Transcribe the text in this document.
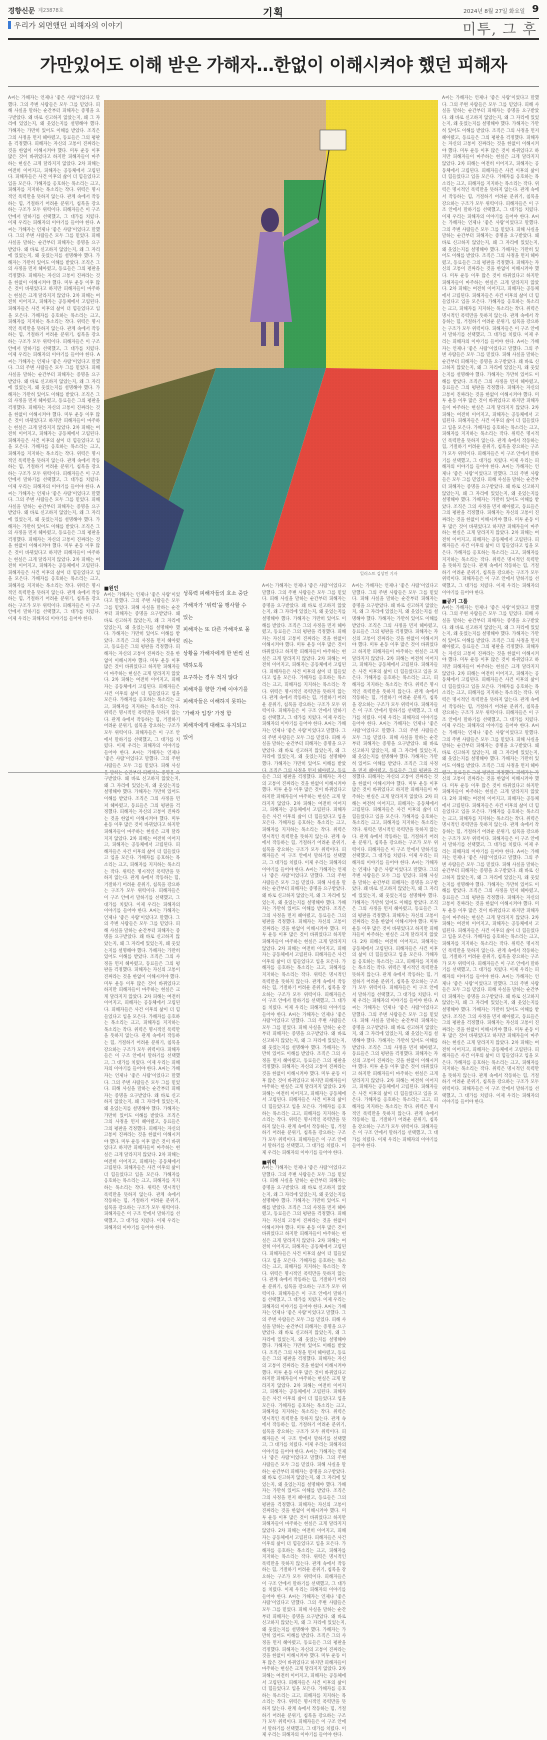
경향신문 제23878호	기획	2024년 8월 27일 화요일 9
우리가 외면했던 피해자의 이야기	미투, 그 후
가만있어도 이해 받은 가해자…한없이 이해시켜야 했던 피해자

A씨는 가해자는 언제나 ‘좋은 사람’이었다고 말했다. 그의 주변 사람들은 모두 그를 믿었다. 피해 사실을 말하는 순간부터 피해자는 증명을 요구받았다. 왜 바로 신고하지 않았는지, 왜 그 자리에 있었는지, 왜 웃었는지를 설명해야 했다. 가해자는 가만히 있어도 이해를 받았다. 조직은 그의 사정을 먼저 헤아렸고, 동료들은 그의 평판을 걱정했다. 피해자는 자신의 고통이 진짜라는 것을 한없이 이해시켜야 했다. 미투 운동 이후 많은 것이 바뀌었다고 하지만 피해자들이 마주하는 현실은 크게 달라지지 않았다. 2차 피해는 여전히 이어지고, 피해자는 공동체에서 고립된다. 피해자들은 사건 이후의 삶이 더 힘들었다고 입을 모은다. 가해자를 옹호하는 목소리는 크고, 피해자를 지지하는 목소리는 작다. 위력은 명시적인 폭력만을 뜻하지 않는다. 관계 속에서 작동하는 힘, 거절하기 어려운 분위기, 침묵을 강요하는 구조가 모두 위력이다. 피해자들은 이 구조 안에서 말하기를 선택했고, 그 대가를 치렀다. 이제 우리는 피해자의 이야기를 들어야 한다. A씨는 가해자는 언제나 ‘좋은 사람’이었다고 말했다. 그의 주변 사람들은 모두 그를 믿었다. 피해 사실을 말하는 순간부터 피해자는 증명을 요구받았다. 왜 바로 신고하지 않았는지, 왜 그 자리에 있었는지, 왜 웃었는지를 설명해야 했다. 가해자는 가만히 있어도 이해를 받았다. 조직은 그의 사정을 먼저 헤아렸고, 동료들은 그의 평판을 걱정했다. 피해자는 자신의 고통이 진짜라는 것을 한없이 이해시켜야 했다. 미투 운동 이후 많은 것이 바뀌었다고 하지만 피해자들이 마주하는 현실은 크게 달라지지 않았다. 2차 피해는 여전히 이어지고, 피해자는 공동체에서 고립된다. 피해자들은 사건 이후의 삶이 더 힘들었다고 입을 모은다. 가해자를 옹호하는 목소리는 크고, 피해자를 지지하는 목소리는 작다. 위력은 명시적인 폭력만을 뜻하지 않는다. 관계 속에서 작동하는 힘, 거절하기 어려운 분위기, 침묵을 강요하는 구조가 모두 위력이다. 피해자들은 이 구조 안에서 말하기를 선택했고, 그 대가를 치렀다. 이제 우리는 피해자의 이야기를 들어야 한다. A씨는 가해자는 언제나 ‘좋은 사람’이었다고 말했다. 그의 주변 사람들은 모두 그를 믿었다. 피해 사실을 말하는 순간부터 피해자는 증명을 요구받았다. 왜 바로 신고하지 않았는지, 왜 그 자리에 있었는지, 왜 웃었는지를 설명해야 했다. 가해자는 가만히 있어도 이해를 받았다. 조직은 그의 사정을 먼저 헤아렸고, 동료들은 그의 평판을 걱정했다. 피해자는 자신의 고통이 진짜라는 것을 한없이 이해시켜야 했다. 미투 운동 이후 많은 것이 바뀌었다고 하지만 피해자들이 마주하는 현실은 크게 달라지지 않았다. 2차 피해는 여전히 이어지고, 피해자는 공동체에서 고립된다. 피해자들은 사건 이후의 삶이 더 힘들었다고 입을 모은다. 가해자를 옹호하는 목소리는 크고, 피해자를 지지하는 목소리는 작다. 위력은 명시적인 폭력만을 뜻하지 않는다. 관계 속에서 작동하는 힘, 거절하기 어려운 분위기, 침묵을 강요하는 구조가 모두 위력이다. 피해자들은 이 구조 안에서 말하기를 선택했고, 그 대가를 치렀다. 이제 우리는 피해자의 이야기를 들어야 한다. A씨는 가해자는 언제나 ‘좋은 사람’이었다고 말했다. 그의 주변 사람들은 모두 그를 믿었다. 피해 사실을 말하는 순간부터 피해자는 증명을 요구받았다. 왜 바로 신고하지 않았는지, 왜 그 자리에 있었는지, 왜 웃었는지를 설명해야 했다. 가해자는 가만히 있어도 이해를 받았다. 조직은 그의 사정을 먼저 헤아렸고, 동료들은 그의 평판을 걱정했다. 피해자는 자신의 고통이 진짜라는 것을 한없이 이해시켜야 했다. 미투 운동 이후 많은 것이 바뀌었다고 하지만 피해자들이 마주하는 현실은 크게 달라지지 않았다. 2차 피해는 여전히 이어지고, 피해자는 공동체에서 고립된다. 피해자들은 사건 이후의 삶이 더 힘들었다고 입을 모은다. 가해자를 옹호하는 목소리는 크고, 피해자를 지지하는 목소리는 작다. 위력은 명시적인 폭력만을 뜻하지 않는다. 관계 속에서 작동하는 힘, 거절하기 어려운 분위기, 침묵을 강요하는 구조가 모두 위력이다. 피해자들은 이 구조 안에서 말하기를 선택했고, 그 대가를 치렀다. 이제 우리는 피해자의 이야기를 들어야 한다.

일러스트 김상민 기자

A씨는 가해자는 언제나 ‘좋은 사람’이었다고 말했다. 그의 주변 사람들은 모두 그를 믿었다. 피해 사실을 말하는 순간부터 피해자는 증명을 요구받았다. 왜 바로 신고하지 않았는지, 왜 그 자리에 있었는지, 왜 웃었는지를 설명해야 했다. 가해자는 가만히 있어도 이해를 받았다. 조직은 그의 사정을 먼저 헤아렸고, 동료들은 그의 평판을 걱정했다. 피해자는 자신의 고통이 진짜라는 것을 한없이 이해시켜야 했다. 미투 운동 이후 많은 것이 바뀌었다고 하지만 피해자들이 마주하는 현실은 크게 달라지지 않았다. 2차 피해는 여전히 이어지고, 피해자는 공동체에서 고립된다. 피해자들은 사건 이후의 삶이 더 힘들었다고 입을 모은다. 가해자를 옹호하는 목소리는 크고, 피해자를 지지하는 목소리는 작다. 위력은 명시적인 폭력만을 뜻하지 않는다. 관계 속에서 작동하는 힘, 거절하기 어려운 분위기, 침묵을 강요하는 구조가 모두 위력이다. 피해자들은 이 구조 안에서 말하기를 선택했고, 그 대가를 치렀다. 이제 우리는 피해자의 이야기를 들어야 한다. A씨는 가해자는 언제나 ‘좋은 사람’이었다고 말했다. 그의 주변 사람들은 모두 그를 믿었다. 피해 사실을 말하는 순간부터 피해자는 증명을 요구받았다. 왜 바로 신고하지 않았는지, 왜 그 자리에 있었는지, 왜 웃었는지를 설명해야 했다. 가해자는 가만히 있어도 이해를 받았다. 조직은 그의 사정을 먼저 헤아렸고, 동료들은 그의 평판을 걱정했다. 피해자는 자신의 고통이 진짜라는 것을 한없이 이해시켜야 했다. 미투 운동 이후 많은 것이 바뀌었다고 하지만 피해자들이 마주하는 현실은 크게 달라지지 않았다. 2차 피해는 여전히 이어지고, 피해자는 공동체에서 고립된다. 피해자들은 사건 이후의 삶이 더 힘들었다고 입을 모은다. 가해자를 옹호하는 목소리는 크고, 피해자를 지지하는 목소리는 작다. 위력은 명시적인 폭력만을 뜻하지 않는다. 관계 속에서 작동하는 힘, 거절하기 어려운 분위기, 침묵을 강요하는 구조가 모두 위력이다. 피해자들은 이 구조 안에서 말하기를 선택했고, 그 대가를 치렀다. 이제 우리는 피해자의 이야기를 들어야 한다. A씨는 가해자는 언제나 ‘좋은 사람’이었다고 말했다. 그의 주변 사람들은 모두 그를 믿었다. 피해 사실을 말하는 순간부터 피해자는 증명을 요구받았다. 왜 바로 신고하지 않았는지, 왜 그 자리에 있었는지, 왜 웃었는지를 설명해야 했다. 가해자는 가만히 있어도 이해를 받았다. 조직은 그의 사정을 먼저 헤아렸고, 동료들은 그의 평판을 걱정했다. 피해자는 자신의 고통이 진짜라는 것을 한없이 이해시켜야 했다. 미투 운동 이후 많은 것이 바뀌었다고 하지만 피해자들이 마주하는 현실은 크게 달라지지 않았다. 2차 피해는 여전히 이어지고, 피해자는 공동체에서 고립된다. 피해자들은 사건 이후의 삶이 더 힘들었다고 입을 모은다. 가해자를 옹호하는 목소리는 크고, 피해자를 지지하는 목소리는 작다. 위력은 명시적인 폭력만을 뜻하지 않는다. 관계 속에서 작동하는 힘, 거절하기 어려운 분위기, 침묵을 강요하는 구조가 모두 위력이다. 피해자들은 이 구조 안에서 말하기를 선택했고, 그 대가를 치렀다. 이제 우리는 피해자의 이야기를 들어야 한다. A씨는 가해자는 언제나 ‘좋은 사람’이었다고 말했다. 그의 주변 사람들은 모두 그를 믿었다. 피해 사실을 말하는 순간부터 피해자는 증명을 요구받았다. 왜 바로 신고하지 않았는지, 왜 그 자리에 있었는지, 왜 웃었는지를 설명해야 했다. 가해자는 가만히 있어도 이해를 받았다. 조직은 그의 사정을 먼저 헤아렸고, 동료들은 그의 평판을 걱정했다. 피해자는 자신의 고통이 진짜라는 것을 한없이 이해시켜야 했다. 미투 운동 이후 많은 것이 바뀌었다고 하지만 피해자들이 마주하는 현실은 크게 달라지지 않았다. 2차 피해는 여전히 이어지고, 피해자는 공동체에서 고립된다. 피해자들은 사건 이후의 삶이 더 힘들었다고 입을 모은다. 가해자를 옹호하는 목소리는 크고, 피해자를 지지하는 목소리는 작다. 위력은 명시적인 폭력만을 뜻하지 않는다. 관계 속에서 작동하는 힘, 거절하기 어려운 분위기, 침묵을 강요하는 구조가 모두 위력이다. 피해자들은 이 구조 안에서 말하기를 선택했고, 그 대가를 치렀다. 이제 우리는 피해자의 이야기를 들어야 한다.

■공기 그룹

A씨는 가해자는 언제나 ‘좋은 사람’이었다고 말했다. 그의 주변 사람들은 모두 그를 믿었다. 피해 사실을 말하는 순간부터 피해자는 증명을 요구받았다. 왜 바로 신고하지 않았는지, 왜 그 자리에 있었는지, 왜 웃었는지를 설명해야 했다. 가해자는 가만히 있어도 이해를 받았다. 조직은 그의 사정을 먼저 헤아렸고, 동료들은 그의 평판을 걱정했다. 피해자는 자신의 고통이 진짜라는 것을 한없이 이해시켜야 했다. 미투 운동 이후 많은 것이 바뀌었다고 하지만 피해자들이 마주하는 현실은 크게 달라지지 않았다. 2차 피해는 여전히 이어지고, 피해자는 공동체에서 고립된다. 피해자들은 사건 이후의 삶이 더 힘들었다고 입을 모은다. 가해자를 옹호하는 목소리는 크고, 피해자를 지지하는 목소리는 작다. 위력은 명시적인 폭력만을 뜻하지 않는다. 관계 속에서 작동하는 힘, 거절하기 어려운 분위기, 침묵을 강요하는 구조가 모두 위력이다. 피해자들은 이 구조 안에서 말하기를 선택했고, 그 대가를 치렀다. 이제 우리는 피해자의 이야기를 들어야 한다. A씨는 가해자는 언제나 ‘좋은 사람’이었다고 말했다. 그의 주변 사람들은 모두 그를 믿었다. 피해 사실을 말하는 순간부터 피해자는 증명을 요구받았다. 왜 바로 신고하지 않았는지, 왜 그 자리에 있었는지, 왜 웃었는지를 설명해야 했다. 가해자는 가만히 있어도 이해를 받았다. 조직은 그의 사정을 먼저 헤아렸고, 동료들은 그의 평판을 걱정했다. 피해자는 자신의 고통이 진짜라는 것을 한없이 이해시켜야 했다. 미투 운동 이후 많은 것이 바뀌었다고 하지만 피해자들이 마주하는 현실은 크게 달라지지 않았다. 2차 피해는 여전히 이어지고, 피해자는 공동체에서 고립된다. 피해자들은 사건 이후의 삶이 더 힘들었다고 입을 모은다. 가해자를 옹호하는 목소리는 크고, 피해자를 지지하는 목소리는 작다. 위력은 명시적인 폭력만을 뜻하지 않는다. 관계 속에서 작동하는 힘, 거절하기 어려운 분위기, 침묵을 강요하는 구조가 모두 위력이다. 피해자들은 이 구조 안에서 말하기를 선택했고, 그 대가를 치렀다. 이제 우리는 피해자의 이야기를 들어야 한다. A씨는 가해자는 언제나 ‘좋은 사람’이었다고 말했다. 그의 주변 사람들은 모두 그를 믿었다. 피해 사실을 말하는 순간부터 피해자는 증명을 요구받았다. 왜 바로 신고하지 않았는지, 왜 그 자리에 있었는지, 왜 웃었는지를 설명해야 했다. 가해자는 가만히 있어도 이해를 받았다. 조직은 그의 사정을 먼저 헤아렸고, 동료들은 그의 평판을 걱정했다. 피해자는 자신의 고통이 진짜라는 것을 한없이 이해시켜야 했다. 미투 운동 이후 많은 것이 바뀌었다고 하지만 피해자들이 마주하는 현실은 크게 달라지지 않았다. 2차 피해는 여전히 이어지고, 피해자는 공동체에서 고립된다. 피해자들은 사건 이후의 삶이 더 힘들었다고 입을 모은다. 가해자를 옹호하는 목소리는 크고, 피해자를 지지하는 목소리는 작다. 위력은 명시적인 폭력만을 뜻하지 않는다. 관계 속에서 작동하는 힘, 거절하기 어려운 분위기, 침묵을 강요하는 구조가 모두 위력이다. 피해자들은 이 구조 안에서 말하기를 선택했고, 그 대가를 치렀다. 이제 우리는 피해자의 이야기를 들어야 한다. A씨는 가해자는 언제나 ‘좋은 사람’이었다고 말했다. 그의 주변 사람들은 모두 그를 믿었다. 피해 사실을 말하는 순간부터 피해자는 증명을 요구받았다. 왜 바로 신고하지 않았는지, 왜 그 자리에 있었는지, 왜 웃었는지를 설명해야 했다. 가해자는 가만히 있어도 이해를 받았다. 조직은 그의 사정을 먼저 헤아렸고, 동료들은 그의 평판을 걱정했다. 피해자는 자신의 고통이 진짜라는 것을 한없이 이해시켜야 했다. 미투 운동 이후 많은 것이 바뀌었다고 하지만 피해자들이 마주하는 현실은 크게 달라지지 않았다. 2차 피해는 여전히 이어지고, 피해자는 공동체에서 고립된다. 피해자들은 사건 이후의 삶이 더 힘들었다고 입을 모은다. 가해자를 옹호하는 목소리는 크고, 피해자를 지지하는 목소리는 작다. 위력은 명시적인 폭력만을 뜻하지 않는다. 관계 속에서 작동하는 힘, 거절하기 어려운 분위기, 침묵을 강요하는 구조가 모두 위력이다. 피해자들은 이 구조 안에서 말하기를 선택했고, 그 대가를 치렀다. 이제 우리는 피해자의 이야기를 들어야 한다.

■원인

A씨는 가해자는 언제나 ‘좋은 사람’이었다고 말했다. 그의 주변 사람들은 모두 그를 믿었다. 피해 사실을 말하는 순간부터 피해자는 증명을 요구받았다. 왜 바로 신고하지 않았는지, 왜 그 자리에 있었는지, 왜 웃었는지를 설명해야 했다. 가해자는 가만히 있어도 이해를 받았다. 조직은 그의 사정을 먼저 헤아렸고, 동료들은 그의 평판을 걱정했다. 피해자는 자신의 고통이 진짜라는 것을 한없이 이해시켜야 했다. 미투 운동 이후 많은 것이 바뀌었다고 하지만 피해자들이 마주하는 현실은 크게 달라지지 않았다. 2차 피해는 여전히 이어지고, 피해자는 공동체에서 고립된다. 피해자들은 사건 이후의 삶이 더 힘들었다고 입을 모은다. 가해자를 옹호하는 목소리는 크고, 피해자를 지지하는 목소리는 작다. 위력은 명시적인 폭력만을 뜻하지 않는다. 관계 속에서 작동하는 힘, 거절하기 어려운 분위기, 침묵을 강요하는 구조가 모두 위력이다. 피해자들은 이 구조 안에서 말하기를 선택했고, 그 대가를 치렀다. 이제 우리는 피해자의 이야기를 들어야 한다. A씨는 가해자는 언제나 ‘좋은 사람’이었다고 말했다. 그의 주변 사람들은 모두 그를 믿었다. 피해 사실을 말하는 순간부터 피해자는 증명을 요구받았다. 왜 바로 신고하지 않았는지, 왜 그 자리에 있었는지, 왜 웃었는지를 설명해야 했다. 가해자는 가만히 있어도 이해를 받았다. 조직은 그의 사정을 먼저 헤아렸고, 동료들은 그의 평판을 걱정했다. 피해자는 자신의 고통이 진짜라는 것을 한없이 이해시켜야 했다. 미투 운동 이후 많은 것이 바뀌었다고 하지만 피해자들이 마주하는 현실은 크게 달라지지 않았다. 2차 피해는 여전히 이어지고, 피해자는 공동체에서 고립된다. 피해자들은 사건 이후의 삶이 더 힘들었다고 입을 모은다. 가해자를 옹호하는 목소리는 크고, 피해자를 지지하는 목소리는 작다. 위력은 명시적인 폭력만을 뜻하지 않는다. 관계 속에서 작동하는 힘, 거절하기 어려운 분위기, 침묵을 강요하는 구조가 모두 위력이다. 피해자들은 이 구조 안에서 말하기를 선택했고, 그 대가를 치렀다. 이제 우리는 피해자의 이야기를 들어야 한다. A씨는 가해자는 언제나 ‘좋은 사람’이었다고 말했다. 그의 주변 사람들은 모두 그를 믿었다. 피해 사실을 말하는 순간부터 피해자는 증명을 요구받았다. 왜 바로 신고하지 않았는지, 왜 그 자리에 있었는지, 왜 웃었는지를 설명해야 했다. 가해자는 가만히 있어도 이해를 받았다. 조직은 그의 사정을 먼저 헤아렸고, 동료들은 그의 평판을 걱정했다. 피해자는 자신의 고통이 진짜라는 것을 한없이 이해시켜야 했다. 미투 운동 이후 많은 것이 바뀌었다고 하지만 피해자들이 마주하는 현실은 크게 달라지지 않았다. 2차 피해는 여전히 이어지고, 피해자는 공동체에서 고립된다. 피해자들은 사건 이후의 삶이 더 힘들었다고 입을 모은다. 가해자를 옹호하는 목소리는 크고, 피해자를 지지하는 목소리는 작다. 위력은 명시적인 폭력만을 뜻하지 않는다. 관계 속에서 작동하는 힘, 거절하기 어려운 분위기, 침묵을 강요하는 구조가 모두 위력이다. 피해자들은 이 구조 안에서 말하기를 선택했고, 그 대가를 치렀다. 이제 우리는 피해자의 이야기를 들어야 한다. A씨는 가해자는 언제나 ‘좋은 사람’이었다고 말했다. 그의 주변 사람들은 모두 그를 믿었다. 피해 사실을 말하는 순간부터 피해자는 증명을 요구받았다. 왜 바로 신고하지 않았는지, 왜 그 자리에 있었는지, 왜 웃었는지를 설명해야 했다. 가해자는 가만히 있어도 이해를 받았다. 조직은 그의 사정을 먼저 헤아렸고, 동료들은 그의 평판을 걱정했다. 피해자는 자신의 고통이 진짜라는 것을 한없이 이해시켜야 했다. 미투 운동 이후 많은 것이 바뀌었다고 하지만 피해자들이 마주하는 현실은 크게 달라지지 않았다. 2차 피해는 여전히 이어지고, 피해자는 공동체에서 고립된다. 피해자들은 사건 이후의 삶이 더 힘들었다고 입을 모은다. 가해자를 옹호하는 목소리는 크고, 피해자를 지지하는 목소리는 작다. 위력은 명시적인 폭력만을 뜻하지 않는다. 관계 속에서 작동하는 힘, 거절하기 어려운 분위기, 침묵을 강요하는 구조가 모두 위력이다. 피해자들은 이 구조 안에서 말하기를 선택했고, 그 대가를 치렀다. 이제 우리는 피해자의 이야기를 들어야 한다.

성폭력 피해자들의 호소 중단

가해자가 ‘위력’을 행사할 수 있는

피해자는 또 다른 가해자로 몰리는

상황을 가해자에게 한 번씩 선택하도록

요구하는 경우 적지 않다

피해자를 향한 가해 이야기를

피해자들은 이해하지 못하는

‘가해자 입장’ 가정 함

피해자에게 대해도 유지되고 있어

A씨는 가해자는 언제나 ‘좋은 사람’이었다고 말했다. 그의 주변 사람들은 모두 그를 믿었다. 피해 사실을 말하는 순간부터 피해자는 증명을 요구받았다. 왜 바로 신고하지 않았는지, 왜 그 자리에 있었는지, 왜 웃었는지를 설명해야 했다. 가해자는 가만히 있어도 이해를 받았다. 조직은 그의 사정을 먼저 헤아렸고, 동료들은 그의 평판을 걱정했다. 피해자는 자신의 고통이 진짜라는 것을 한없이 이해시켜야 했다. 미투 운동 이후 많은 것이 바뀌었다고 하지만 피해자들이 마주하는 현실은 크게 달라지지 않았다. 2차 피해는 여전히 이어지고, 피해자는 공동체에서 고립된다. 피해자들은 사건 이후의 삶이 더 힘들었다고 입을 모은다. 가해자를 옹호하는 목소리는 크고, 피해자를 지지하는 목소리는 작다. 위력은 명시적인 폭력만을 뜻하지 않는다. 관계 속에서 작동하는 힘, 거절하기 어려운 분위기, 침묵을 강요하는 구조가 모두 위력이다. 피해자들은 이 구조 안에서 말하기를 선택했고, 그 대가를 치렀다. 이제 우리는 피해자의 이야기를 들어야 한다. A씨는 가해자는 언제나 ‘좋은 사람’이었다고 말했다. 그의 주변 사람들은 모두 그를 믿었다. 피해 사실을 말하는 순간부터 피해자는 증명을 요구받았다. 왜 바로 신고하지 않았는지, 왜 그 자리에 있었는지, 왜 웃었는지를 설명해야 했다. 가해자는 가만히 있어도 이해를 받았다. 조직은 그의 사정을 먼저 헤아렸고, 동료들은 그의 평판을 걱정했다. 피해자는 자신의 고통이 진짜라는 것을 한없이 이해시켜야 했다. 미투 운동 이후 많은 것이 바뀌었다고 하지만 피해자들이 마주하는 현실은 크게 달라지지 않았다. 2차 피해는 여전히 이어지고, 피해자는 공동체에서 고립된다. 피해자들은 사건 이후의 삶이 더 힘들었다고 입을 모은다. 가해자를 옹호하는 목소리는 크고, 피해자를 지지하는 목소리는 작다. 위력은 명시적인 폭력만을 뜻하지 않는다. 관계 속에서 작동하는 힘, 거절하기 어려운 분위기, 침묵을 강요하는 구조가 모두 위력이다. 피해자들은 이 구조 안에서 말하기를 선택했고, 그 대가를 치렀다. 이제 우리는 피해자의 이야기를 들어야 한다. A씨는 가해자는 언제나 ‘좋은 사람’이었다고 말했다. 그의 주변 사람들은 모두 그를 믿었다. 피해 사실을 말하는 순간부터 피해자는 증명을 요구받았다. 왜 바로 신고하지 않았는지, 왜 그 자리에 있었는지, 왜 웃었는지를 설명해야 했다. 가해자는 가만히 있어도 이해를 받았다. 조직은 그의 사정을 먼저 헤아렸고, 동료들은 그의 평판을 걱정했다. 피해자는 자신의 고통이 진짜라는 것을 한없이 이해시켜야 했다. 미투 운동 이후 많은 것이 바뀌었다고 하지만 피해자들이 마주하는 현실은 크게 달라지지 않았다. 2차 피해는 여전히 이어지고, 피해자는 공동체에서 고립된다. 피해자들은 사건 이후의 삶이 더 힘들었다고 입을 모은다. 가해자를 옹호하는 목소리는 크고, 피해자를 지지하는 목소리는 작다. 위력은 명시적인 폭력만을 뜻하지 않는다. 관계 속에서 작동하는 힘, 거절하기 어려운 분위기, 침묵을 강요하는 구조가 모두 위력이다. 피해자들은 이 구조 안에서 말하기를 선택했고, 그 대가를 치렀다. 이제 우리는 피해자의 이야기를 들어야 한다. A씨는 가해자는 언제나 ‘좋은 사람’이었다고 말했다. 그의 주변 사람들은 모두 그를 믿었다. 피해 사실을 말하는 순간부터 피해자는 증명을 요구받았다. 왜 바로 신고하지 않았는지, 왜 그 자리에 있었는지, 왜 웃었는지를 설명해야 했다. 가해자는 가만히 있어도 이해를 받았다. 조직은 그의 사정을 먼저 헤아렸고, 동료들은 그의 평판을 걱정했다. 피해자는 자신의 고통이 진짜라는 것을 한없이 이해시켜야 했다. 미투 운동 이후 많은 것이 바뀌었다고 하지만 피해자들이 마주하는 현실은 크게 달라지지 않았다. 2차 피해는 여전히 이어지고, 피해자는 공동체에서 고립된다. 피해자들은 사건 이후의 삶이 더 힘들었다고 입을 모은다. 가해자를 옹호하는 목소리는 크고, 피해자를 지지하는 목소리는 작다. 위력은 명시적인 폭력만을 뜻하지 않는다. 관계 속에서 작동하는 힘, 거절하기 어려운 분위기, 침묵을 강요하는 구조가 모두 위력이다. 피해자들은 이 구조 안에서 말하기를 선택했고, 그 대가를 치렀다. 이제 우리는 피해자의 이야기를 들어야 한다.

■위력

A씨는 가해자는 언제나 ‘좋은 사람’이었다고 말했다. 그의 주변 사람들은 모두 그를 믿었다. 피해 사실을 말하는 순간부터 피해자는 증명을 요구받았다. 왜 바로 신고하지 않았는지, 왜 그 자리에 있었는지, 왜 웃었는지를 설명해야 했다. 가해자는 가만히 있어도 이해를 받았다. 조직은 그의 사정을 먼저 헤아렸고, 동료들은 그의 평판을 걱정했다. 피해자는 자신의 고통이 진짜라는 것을 한없이 이해시켜야 했다. 미투 운동 이후 많은 것이 바뀌었다고 하지만 피해자들이 마주하는 현실은 크게 달라지지 않았다. 2차 피해는 여전히 이어지고, 피해자는 공동체에서 고립된다. 피해자들은 사건 이후의 삶이 더 힘들었다고 입을 모은다. 가해자를 옹호하는 목소리는 크고, 피해자를 지지하는 목소리는 작다. 위력은 명시적인 폭력만을 뜻하지 않는다. 관계 속에서 작동하는 힘, 거절하기 어려운 분위기, 침묵을 강요하는 구조가 모두 위력이다. 피해자들은 이 구조 안에서 말하기를 선택했고, 그 대가를 치렀다. 이제 우리는 피해자의 이야기를 들어야 한다. A씨는 가해자는 언제나 ‘좋은 사람’이었다고 말했다. 그의 주변 사람들은 모두 그를 믿었다. 피해 사실을 말하는 순간부터 피해자는 증명을 요구받았다. 왜 바로 신고하지 않았는지, 왜 그 자리에 있었는지, 왜 웃었는지를 설명해야 했다. 가해자는 가만히 있어도 이해를 받았다. 조직은 그의 사정을 먼저 헤아렸고, 동료들은 그의 평판을 걱정했다. 피해자는 자신의 고통이 진짜라는 것을 한없이 이해시켜야 했다. 미투 운동 이후 많은 것이 바뀌었다고 하지만 피해자들이 마주하는 현실은 크게 달라지지 않았다. 2차 피해는 여전히 이어지고, 피해자는 공동체에서 고립된다. 피해자들은 사건 이후의 삶이 더 힘들었다고 입을 모은다. 가해자를 옹호하는 목소리는 크고, 피해자를 지지하는 목소리는 작다. 위력은 명시적인 폭력만을 뜻하지 않는다. 관계 속에서 작동하는 힘, 거절하기 어려운 분위기, 침묵을 강요하는 구조가 모두 위력이다. 피해자들은 이 구조 안에서 말하기를 선택했고, 그 대가를 치렀다. 이제 우리는 피해자의 이야기를 들어야 한다. A씨는 가해자는 언제나 ‘좋은 사람’이었다고 말했다. 그의 주변 사람들은 모두 그를 믿었다. 피해 사실을 말하는 순간부터 피해자는 증명을 요구받았다. 왜 바로 신고하지 않았는지, 왜 그 자리에 있었는지, 왜 웃었는지를 설명해야 했다. 가해자는 가만히 있어도 이해를 받았다. 조직은 그의 사정을 먼저 헤아렸고, 동료들은 그의 평판을 걱정했다. 피해자는 자신의 고통이 진짜라는 것을 한없이 이해시켜야 했다. 미투 운동 이후 많은 것이 바뀌었다고 하지만 피해자들이 마주하는 현실은 크게 달라지지 않았다. 2차 피해는 여전히 이어지고, 피해자는 공동체에서 고립된다. 피해자들은 사건 이후의 삶이 더 힘들었다고 입을 모은다. 가해자를 옹호하는 목소리는 크고, 피해자를 지지하는 목소리는 작다. 위력은 명시적인 폭력만을 뜻하지 않는다. 관계 속에서 작동하는 힘, 거절하기 어려운 분위기, 침묵을 강요하는 구조가 모두 위력이다. 피해자들은 이 구조 안에서 말하기를 선택했고, 그 대가를 치렀다. 이제 우리는 피해자의 이야기를 들어야 한다. A씨는 가해자는 언제나 ‘좋은 사람’이었다고 말했다. 그의 주변 사람들은 모두 그를 믿었다. 피해 사실을 말하는 순간부터 피해자는 증명을 요구받았다. 왜 바로 신고하지 않았는지, 왜 그 자리에 있었는지, 왜 웃었는지를 설명해야 했다. 가해자는 가만히 있어도 이해를 받았다. 조직은 그의 사정을 먼저 헤아렸고, 동료들은 그의 평판을 걱정했다. 피해자는 자신의 고통이 진짜라는 것을 한없이 이해시켜야 했다. 미투 운동 이후 많은 것이 바뀌었다고 하지만 피해자들이 마주하는 현실은 크게 달라지지 않았다. 2차 피해는 여전히 이어지고, 피해자는 공동체에서 고립된다. 피해자들은 사건 이후의 삶이 더 힘들었다고 입을 모은다. 가해자를 옹호하는 목소리는 크고, 피해자를 지지하는 목소리는 작다. 위력은 명시적인 폭력만을 뜻하지 않는다. 관계 속에서 작동하는 힘, 거절하기 어려운 분위기, 침묵을 강요하는 구조가 모두 위력이다. 피해자들은 이 구조 안에서 말하기를 선택했고, 그 대가를 치렀다. 이제 우리는 피해자의 이야기를 들어야 한다.

A씨는 가해자는 언제나 ‘좋은 사람’이었다고 말했다. 그의 주변 사람들은 모두 그를 믿었다. 피해 사실을 말하는 순간부터 피해자는 증명을 요구받았다. 왜 바로 신고하지 않았는지, 왜 그 자리에 있었는지, 왜 웃었는지를 설명해야 했다. 가해자는 가만히 있어도 이해를 받았다. 조직은 그의 사정을 먼저 헤아렸고, 동료들은 그의 평판을 걱정했다. 피해자는 자신의 고통이 진짜라는 것을 한없이 이해시켜야 했다. 미투 운동 이후 많은 것이 바뀌었다고 하지만 피해자들이 마주하는 현실은 크게 달라지지 않았다. 2차 피해는 여전히 이어지고, 피해자는 공동체에서 고립된다. 피해자들은 사건 이후의 삶이 더 힘들었다고 입을 모은다. 가해자를 옹호하는 목소리는 크고, 피해자를 지지하는 목소리는 작다. 위력은 명시적인 폭력만을 뜻하지 않는다. 관계 속에서 작동하는 힘, 거절하기 어려운 분위기, 침묵을 강요하는 구조가 모두 위력이다. 피해자들은 이 구조 안에서 말하기를 선택했고, 그 대가를 치렀다. 이제 우리는 피해자의 이야기를 들어야 한다. A씨는 가해자는 언제나 ‘좋은 사람’이었다고 말했다. 그의 주변 사람들은 모두 그를 믿었다. 피해 사실을 말하는 순간부터 피해자는 증명을 요구받았다. 왜 바로 신고하지 않았는지, 왜 그 자리에 있었는지, 왜 웃었는지를 설명해야 했다. 가해자는 가만히 있어도 이해를 받았다. 조직은 그의 사정을 먼저 헤아렸고, 동료들은 그의 평판을 걱정했다. 피해자는 자신의 고통이 진짜라는 것을 한없이 이해시켜야 했다. 미투 운동 이후 많은 것이 바뀌었다고 하지만 피해자들이 마주하는 현실은 크게 달라지지 않았다. 2차 피해는 여전히 이어지고, 피해자는 공동체에서 고립된다. 피해자들은 사건 이후의 삶이 더 힘들었다고 입을 모은다. 가해자를 옹호하는 목소리는 크고, 피해자를 지지하는 목소리는 작다. 위력은 명시적인 폭력만을 뜻하지 않는다. 관계 속에서 작동하는 힘, 거절하기 어려운 분위기, 침묵을 강요하는 구조가 모두 위력이다. 피해자들은 이 구조 안에서 말하기를 선택했고, 그 대가를 치렀다. 이제 우리는 피해자의 이야기를 들어야 한다. A씨는 가해자는 언제나 ‘좋은 사람’이었다고 말했다. 그의 주변 사람들은 모두 그를 믿었다. 피해 사실을 말하는 순간부터 피해자는 증명을 요구받았다. 왜 바로 신고하지 않았는지, 왜 그 자리에 있었는지, 왜 웃었는지를 설명해야 했다. 가해자는 가만히 있어도 이해를 받았다. 조직은 그의 사정을 먼저 헤아렸고, 동료들은 그의 평판을 걱정했다. 피해자는 자신의 고통이 진짜라는 것을 한없이 이해시켜야 했다. 미투 운동 이후 많은 것이 바뀌었다고 하지만 피해자들이 마주하는 현실은 크게 달라지지 않았다. 2차 피해는 여전히 이어지고, 피해자는 공동체에서 고립된다. 피해자들은 사건 이후의 삶이 더 힘들었다고 입을 모은다. 가해자를 옹호하는 목소리는 크고, 피해자를 지지하는 목소리는 작다. 위력은 명시적인 폭력만을 뜻하지 않는다. 관계 속에서 작동하는 힘, 거절하기 어려운 분위기, 침묵을 강요하는 구조가 모두 위력이다. 피해자들은 이 구조 안에서 말하기를 선택했고, 그 대가를 치렀다. 이제 우리는 피해자의 이야기를 들어야 한다. A씨는 가해자는 언제나 ‘좋은 사람’이었다고 말했다. 그의 주변 사람들은 모두 그를 믿었다. 피해 사실을 말하는 순간부터 피해자는 증명을 요구받았다. 왜 바로 신고하지 않았는지, 왜 그 자리에 있었는지, 왜 웃었는지를 설명해야 했다. 가해자는 가만히 있어도 이해를 받았다. 조직은 그의 사정을 먼저 헤아렸고, 동료들은 그의 평판을 걱정했다. 피해자는 자신의 고통이 진짜라는 것을 한없이 이해시켜야 했다. 미투 운동 이후 많은 것이 바뀌었다고 하지만 피해자들이 마주하는 현실은 크게 달라지지 않았다. 2차 피해는 여전히 이어지고, 피해자는 공동체에서 고립된다. 피해자들은 사건 이후의 삶이 더 힘들었다고 입을 모은다. 가해자를 옹호하는 목소리는 크고, 피해자를 지지하는 목소리는 작다. 위력은 명시적인 폭력만을 뜻하지 않는다. 관계 속에서 작동하는 힘, 거절하기 어려운 분위기, 침묵을 강요하는 구조가 모두 위력이다. 피해자들은 이 구조 안에서 말하기를 선택했고, 그 대가를 치렀다. 이제 우리는 피해자의 이야기를 들어야 한다.
